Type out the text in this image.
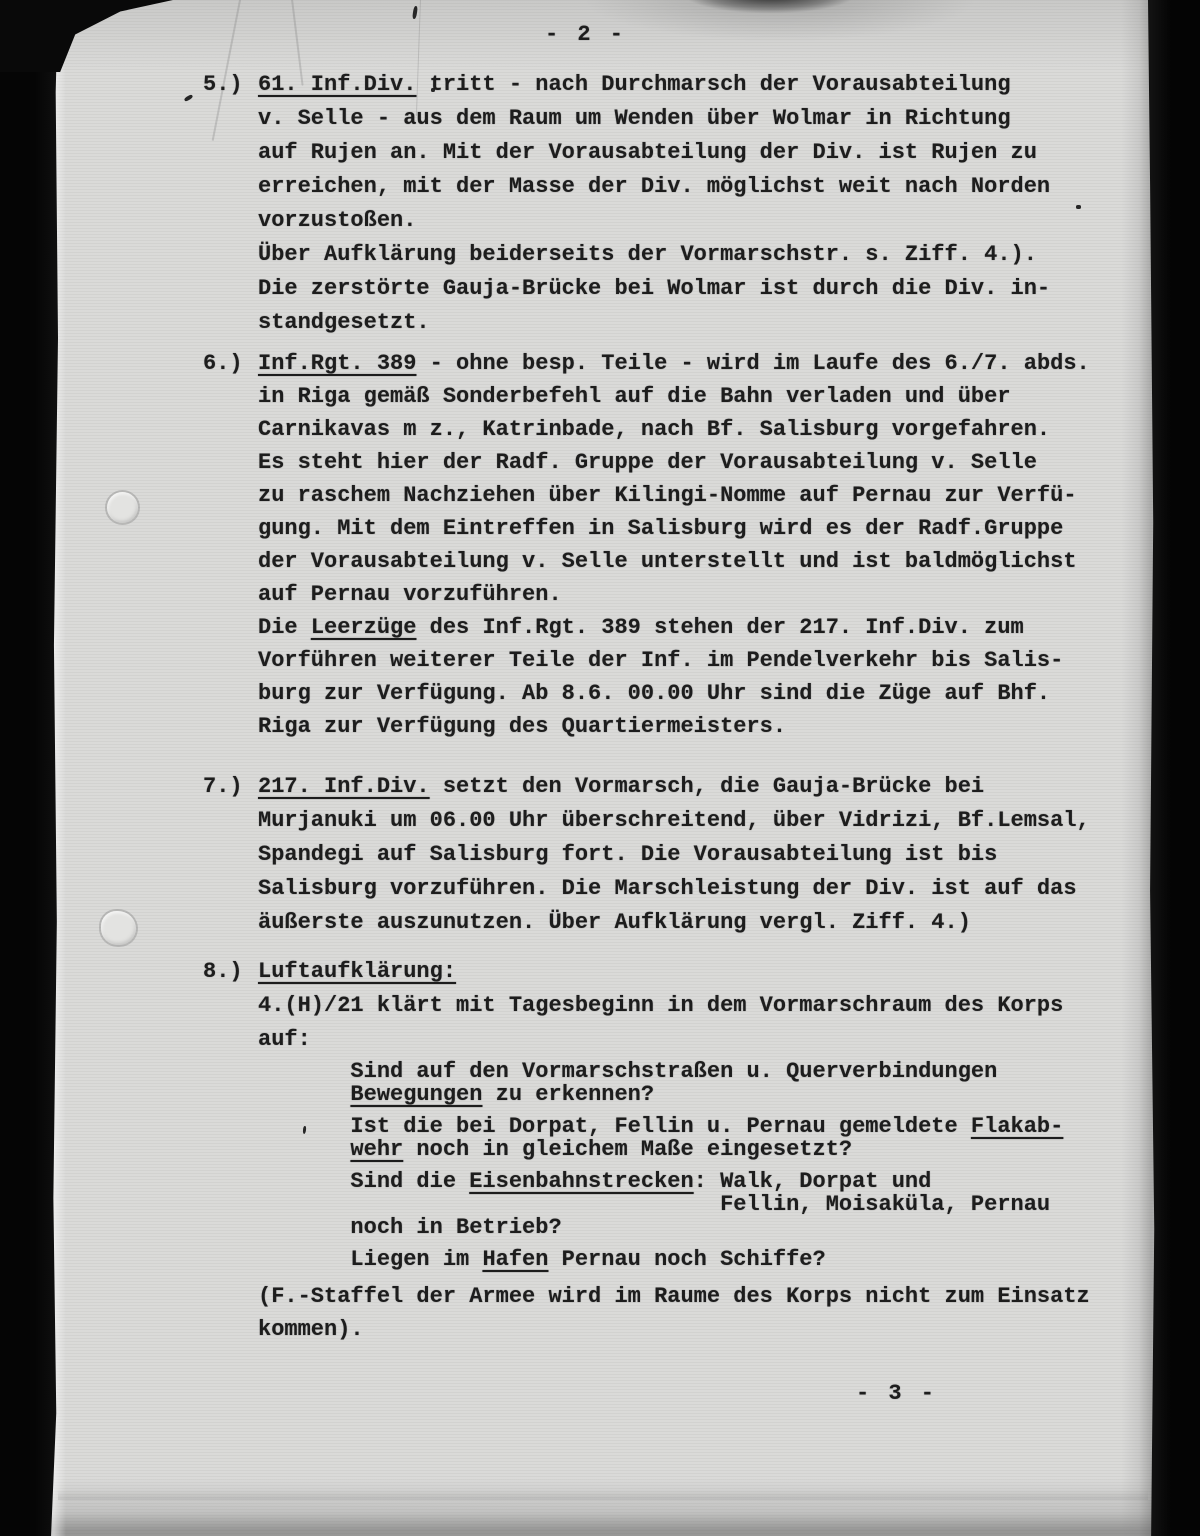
- 2 -
5.) 61. Inf.Div. tritt - nach Durchmarsch der Vorausabteilung
v. Selle - aus dem Raum um Wenden über Wolmar in Richtung
auf Rujen an. Mit der Vorausabteilung der Div. ist Rujen zu
erreichen, mit der Masse der Div. möglichst weit nach Norden
vorzustoßen.
Über Aufklärung beiderseits der Vormarschstr. s. Ziff. 4.).
Die zerstörte Gauja-Brücke bei Wolmar ist durch die Div. in-
standgesetzt.
6.) Inf.Rgt. 389 - ohne besp. Teile - wird im Laufe des 6./7. abds.
in Riga gemäß Sonderbefehl auf die Bahn verladen und über
Carnikavas m z., Katrinbade, nach Bf. Salisburg vorgefahren.
Es steht hier der Radf. Gruppe der Vorausabteilung v. Selle
zu raschem Nachziehen über Kilingi-Nomme auf Pernau zur Verfü-
gung. Mit dem Eintreffen in Salisburg wird es der Radf.Gruppe
der Vorausabteilung v. Selle unterstellt und ist baldmöglichst
auf Pernau vorzuführen.
Die Leerzüge des Inf.Rgt. 389 stehen der 217. Inf.Div. zum
Vorführen weiterer Teile der Inf. im Pendelverkehr bis Salis-
burg zur Verfügung. Ab 8.6. 00.00 Uhr sind die Züge auf Bhf.
Riga zur Verfügung des Quartiermeisters.
7.) 217. Inf.Div. setzt den Vormarsch, die Gauja-Brücke bei
Murjanuki um 06.00 Uhr überschreitend, über Vidrizi, Bf.Lemsal,
Spandegi auf Salisburg fort. Die Vorausabteilung ist bis
Salisburg vorzuführen. Die Marschleistung der Div. ist auf das
äußerste auszunutzen. Über Aufklärung vergl. Ziff. 4.)
8.) Luftaufklärung:
4.(H)/21 klärt mit Tagesbeginn in dem Vormarschraum des Korps
auf:
Sind auf den Vormarschstraßen u. Querverbindungen
Bewegungen zu erkennen?
Ist die bei Dorpat, Fellin u. Pernau gemeldete Flakab-
wehr noch in gleichem Maße eingesetzt?
Sind die Eisenbahnstrecken: Walk, Dorpat und
Fellin, Moisaküla, Pernau
noch in Betrieb?
Liegen im Hafen Pernau noch Schiffe?
(F.-Staffel der Armee wird im Raume des Korps nicht zum Einsatz
kommen).
- 3 -
